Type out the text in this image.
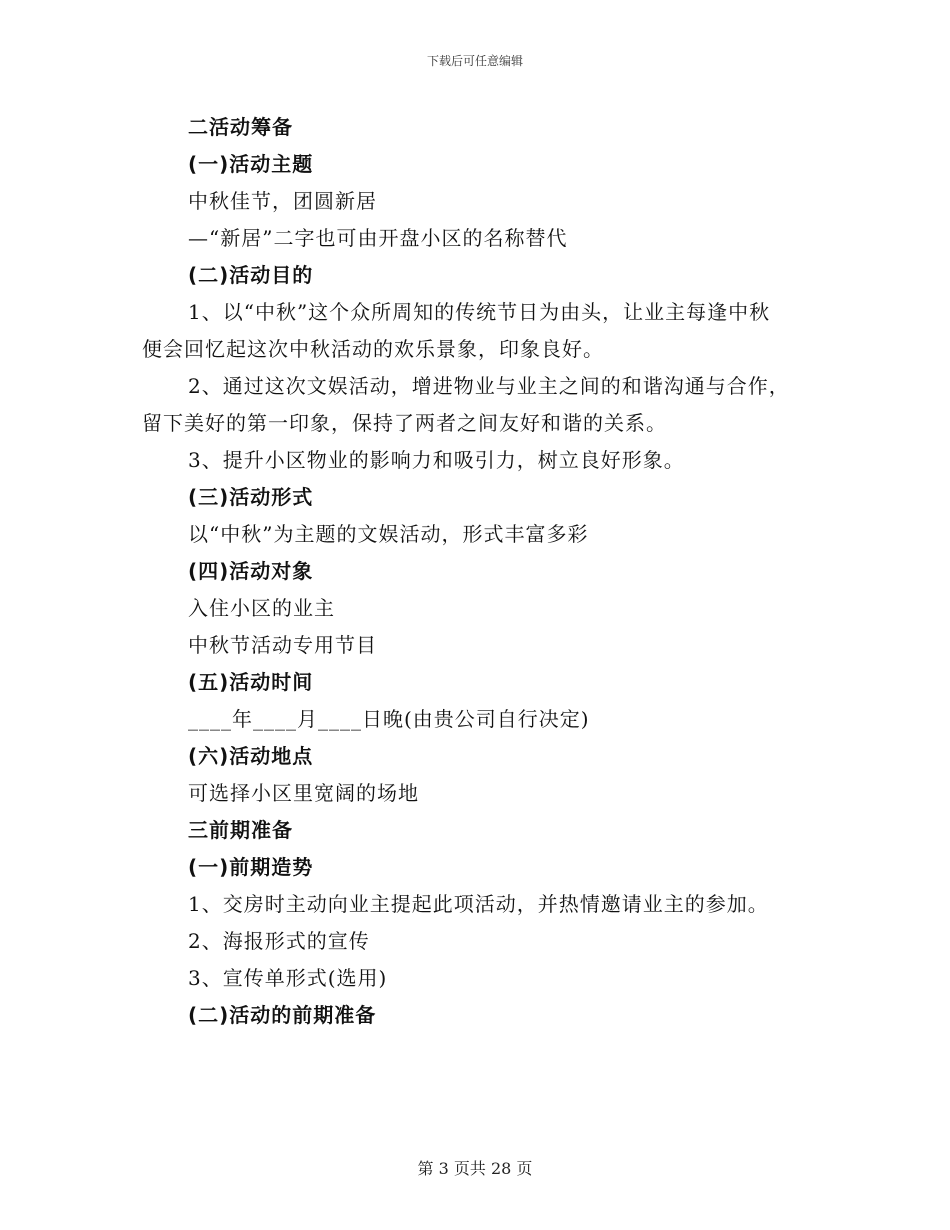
下载后可任意编辑
二活动筹备
(一)活动主题
中秋佳节，团圆新居
—“新居”二字也可由开盘小区的名称替代
(二)活动目的
1、以“中秋”这个众所周知的传统节日为由头，让业主每逢中秋
便会回忆起这次中秋活动的欢乐景象，印象良好。
2、通过这次文娱活动，增进物业与业主之间的和谐沟通与合作，
留下美好的第一印象，保持了两者之间友好和谐的关系。
3、提升小区物业的影响力和吸引力，树立良好形象。
(三)活动形式
以“中秋”为主题的文娱活动，形式丰富多彩
(四)活动对象
入住小区的业主
中秋节活动专用节目
(五)活动时间
____年____月____日晚(由贵公司自行决定)
(六)活动地点
可选择小区里宽阔的场地
三前期准备
(一)前期造势
1、交房时主动向业主提起此项活动，并热情邀请业主的参加。
2、海报形式的宣传
3、宣传单形式(选用)
(二)活动的前期准备
第 3 页共 28 页
